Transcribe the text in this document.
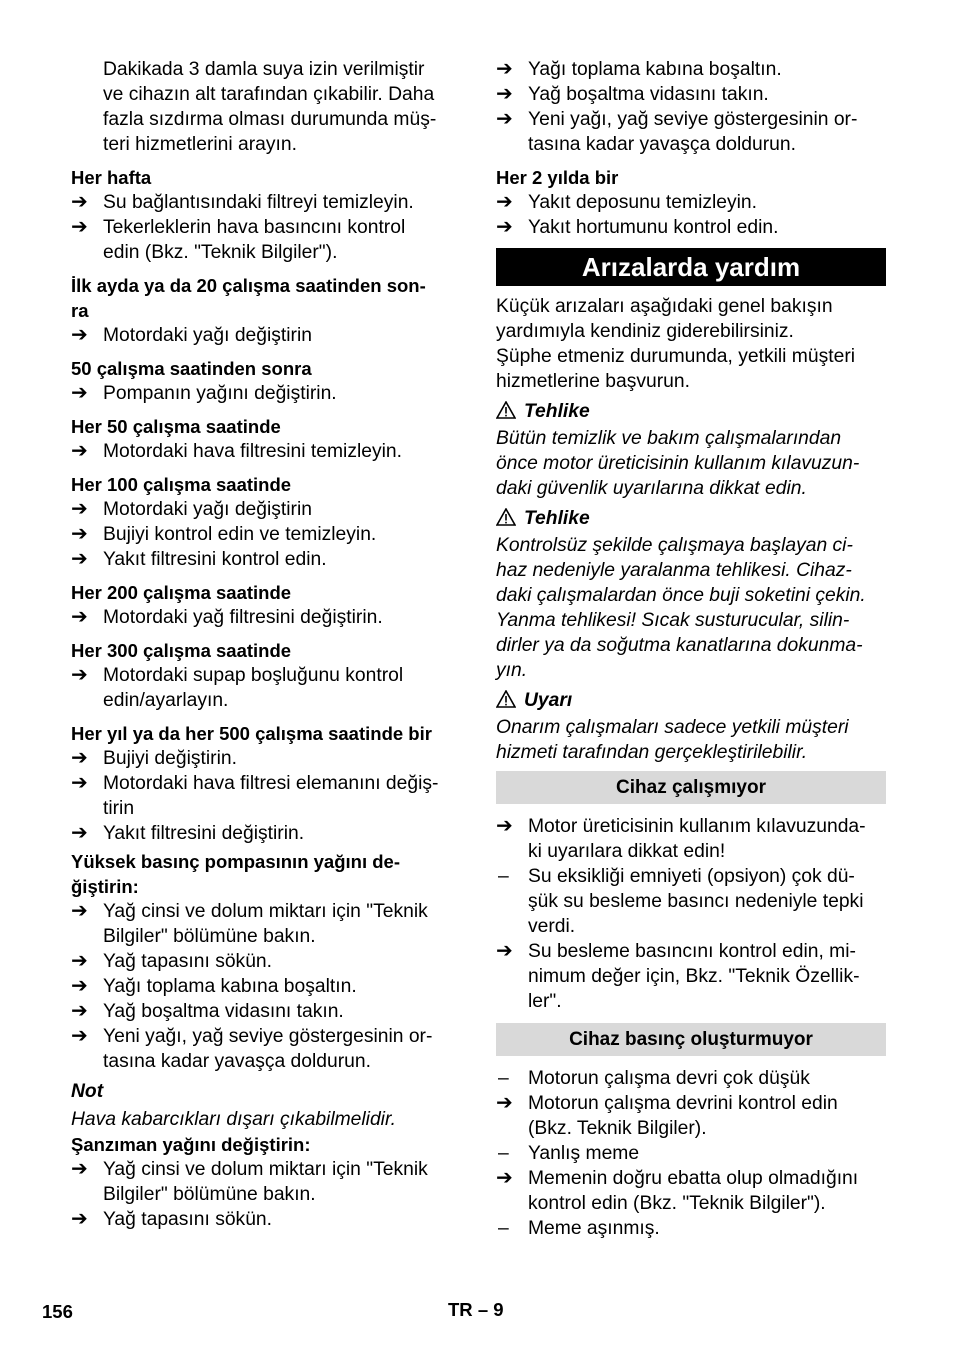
Dakikada 3 damla suya izin verilmiştir
ve cihazın alt tarafından çıkabilir. Daha
fazla sızdırma olması durumunda müş-
teri hizmetlerini arayın.
Her hafta
➔ Su bağlantısındaki filtreyi temizleyin.
➔ Tekerleklerin hava basıncını kontrol
edin (Bkz. "Teknik Bilgiler").
İlk ayda ya da 20 çalışma saatinden son-
ra
➔ Motordaki yağı değiştirin
50 çalışma saatinden sonra
➔ Pompanın yağını değiştirin.
Her 50 çalışma saatinde
➔ Motordaki hava filtresini temizleyin.
Her 100 çalışma saatinde
➔ Motordaki yağı değiştirin
➔ Bujiyi kontrol edin ve temizleyin.
➔ Yakıt filtresini kontrol edin.
Her 200 çalışma saatinde
➔ Motordaki yağ filtresini değiştirin.
Her 300 çalışma saatinde
➔ Motordaki supap boşluğunu kontrol
edin/ayarlayın.
Her yıl ya da her 500 çalışma saatinde bir
➔ Bujiyi değiştirin.
➔ Motordaki hava filtresi elemanını değiş-
tirin
➔ Yakıt filtresini değiştirin.
Yüksek basınç pompasının yağını de-
ğiştirin:
➔ Yağ cinsi ve dolum miktarı için "Teknik
Bilgiler" bölümüne bakın.
➔ Yağ tapasını sökün.
➔ Yağı toplama kabına boşaltın.
➔ Yağ boşaltma vidasını takın.
➔ Yeni yağı, yağ seviye göstergesinin or-
tasına kadar yavaşça doldurun.
Not
Hava kabarcıkları dışarı çıkabilmelidir.
Şanzıman yağını değiştirin:
➔ Yağ cinsi ve dolum miktarı için "Teknik
Bilgiler" bölümüne bakın.
➔ Yağ tapasını sökün.
➔ Yağı toplama kabına boşaltın.
➔ Yağ boşaltma vidasını takın.
➔ Yeni yağı, yağ seviye göstergesinin or-
tasına kadar yavaşça doldurun.
Her 2 yılda bir
➔ Yakıt deposunu temizleyin.
➔ Yakıt hortumunu kontrol edin.
Arızalarda yardım
Küçük arızaları aşağıdaki genel bakışın
yardımıyla kendiniz giderebilirsiniz.
Şüphe etmeniz durumunda, yetkili müşteri
hizmetlerine başvurun.
Tehlike
Bütün temizlik ve bakım çalışmalarından
önce motor üreticisinin kullanım kılavuzun-
daki güvenlik uyarılarına dikkat edin.
Tehlike
Kontrolsüz şekilde çalışmaya başlayan ci-
haz nedeniyle yaralanma tehlikesi. Cihaz-
daki çalışmalardan önce buji soketini çekin.
Yanma tehlikesi! Sıcak susturucular, silin-
dirler ya da soğutma kanatlarına dokunma-
yın.
Uyarı
Onarım çalışmaları sadece yetkili müşteri
hizmeti tarafından gerçekleştirilebilir.
Cihaz çalışmıyor
➔ Motor üreticisinin kullanım kılavuzunda-
ki uyarılara dikkat edin!
– Su eksikliği emniyeti (opsiyon) çok dü-
şük su besleme basıncı nedeniyle tepki
verdi.
➔ Su besleme basıncını kontrol edin, mi-
nimum değer için, Bkz. "Teknik Özellik-
ler".
Cihaz basınç oluşturmuyor
– Motorun çalışma devri çok düşük
➔ Motorun çalışma devrini kontrol edin
(Bkz. Teknik Bilgiler).
– Yanlış meme
➔ Memenin doğru ebatta olup olmadığını
kontrol edin (Bkz. "Teknik Bilgiler").
– Meme aşınmış.
156	TR – 9
